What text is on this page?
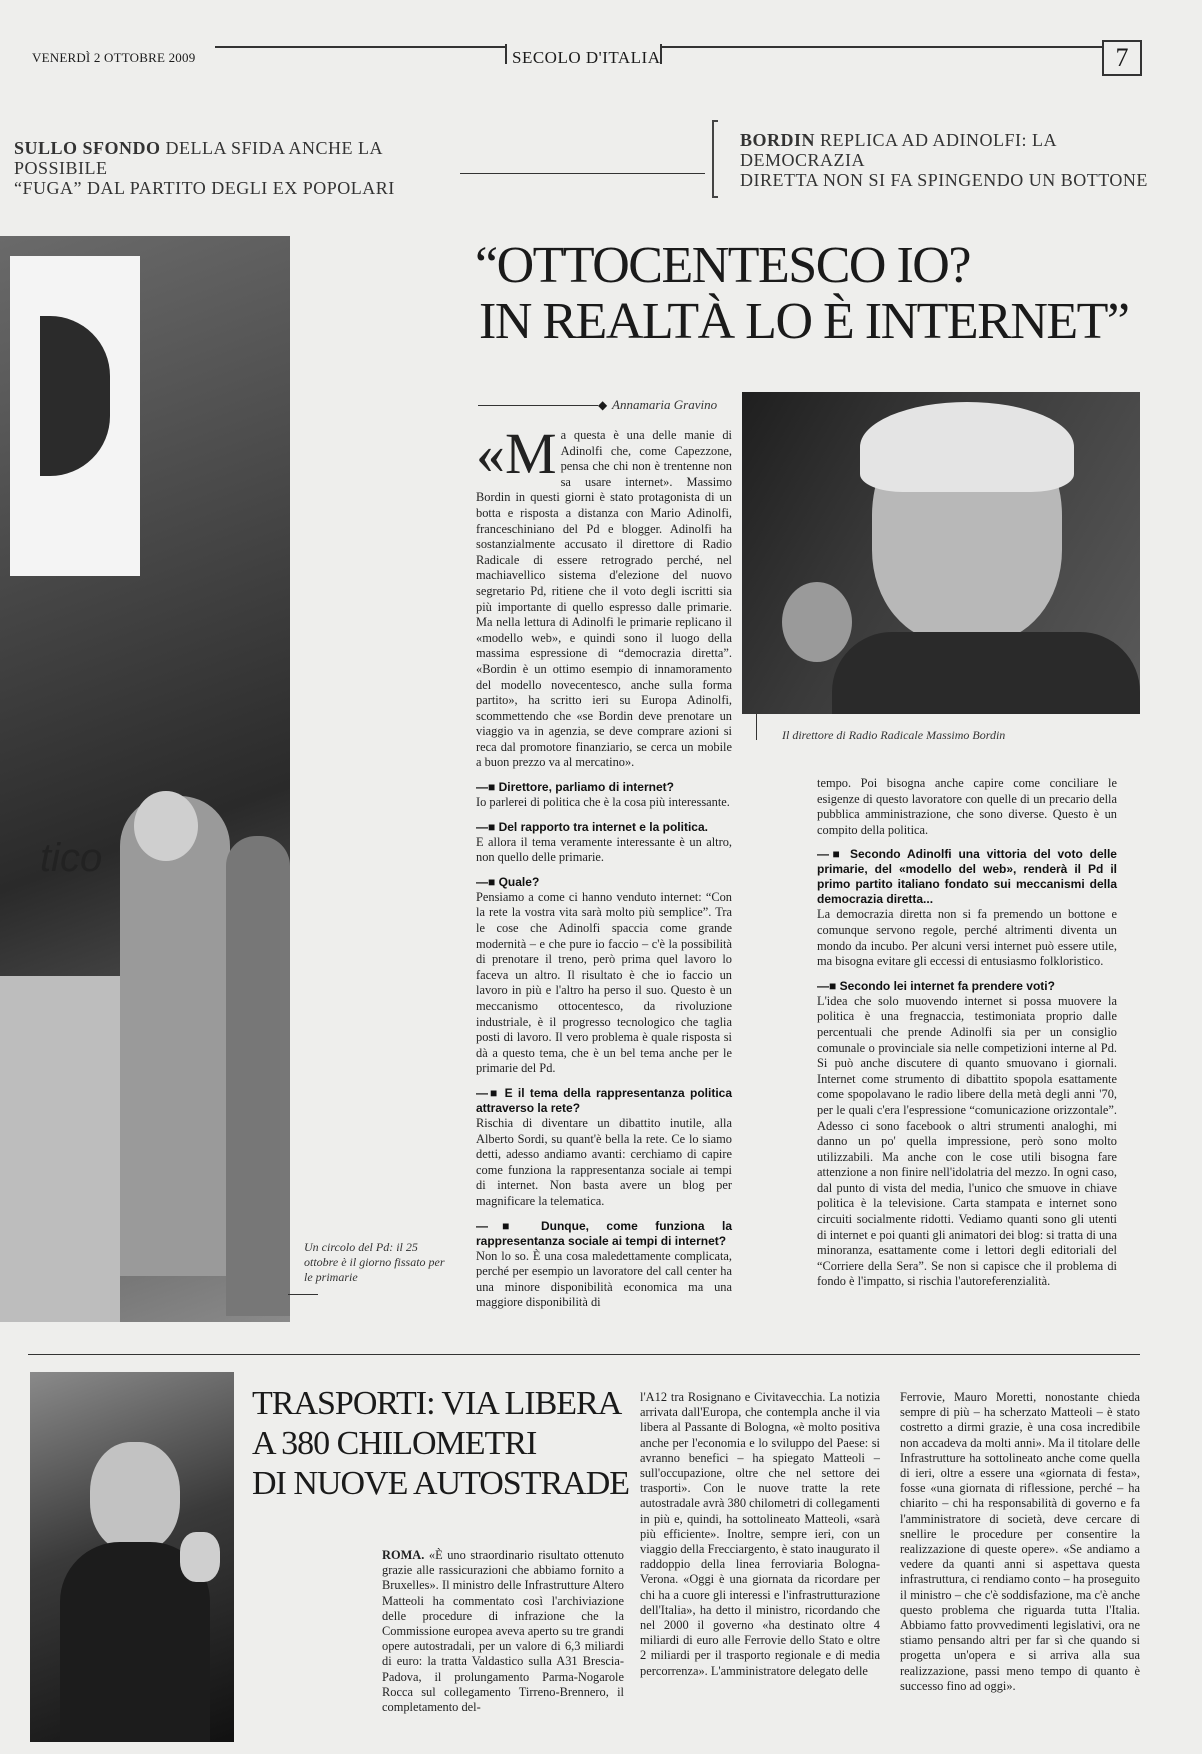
VENERDÌ 2 OTTOBRE 2009	SECOLO D'ITALIA	7
SULLO SFONDO DELLA SFIDA ANCHE LA POSSIBILE
“FUGA” DAL PARTITO DEGLI EX POPOLARI
tico
Un circolo del Pd: il 25 ottobre è il giorno fissato per le primarie
BORDIN REPLICA AD ADINOLFI: LA DEMOCRAZIA
DIRETTA NON SI FA SPINGENDO UN BOTTONE
“OTTOCENTESCO IO?
IN REALTÀ LO È INTERNET”
◆ Annamaria Gravino
Il direttore di Radio Radicale Massimo Bordin

«Ma questa è una delle manie di Adinolfi che, come Capezzone, pensa che chi non è trentenne non sa usare internet». Massimo Bordin in questi giorni è stato protagonista di un botta e risposta a distanza con Mario Adinolfi, franceschiniano del Pd e blogger. Adinolfi ha sostanzialmente accusato il direttore di Radio Radicale di essere retrogrado perché, nel machiavellico sistema d'elezione del nuovo segretario Pd, ritiene che il voto degli iscritti sia più importante di quello espresso dalle primarie. Ma nella lettura di Adinolfi le primarie replicano il «modello web», e quindi sono il luogo della massima espressione di “democrazia diretta”. «Bordin è un ottimo esempio di innamoramento del modello novecentesco, anche sulla forma partito», ha scritto ieri su Europa Adinolfi, scommettendo che «se Bordin deve prenotare un viaggio va in agenzia, se deve comprare azioni si reca dal promotore finanziario, se cerca un mobile a buon prezzo va al mercatino».

—■ Direttore, parliamo di internet?

Io parlerei di politica che è la cosa più interessante.

—■ Del rapporto tra internet e la politica.

E allora il tema veramente interessante è un altro, non quello delle primarie.

—■ Quale?

Pensiamo a come ci hanno venduto internet: “Con la rete la vostra vita sarà molto più semplice”. Tra le cose che Adinolfi spaccia come grande modernità – e che pure io faccio – c'è la possibilità di prenotare il treno, però prima quel lavoro lo faceva un altro. Il risultato è che io faccio un lavoro in più e l'altro ha perso il suo. Questo è un meccanismo ottocentesco, da rivoluzione industriale, è il progresso tecnologico che taglia posti di lavoro. Il vero problema è quale risposta si dà a questo tema, che è un bel tema anche per le primarie del Pd.

—■ E il tema della rappresentanza politica attraverso la rete?

Rischia di diventare un dibattito inutile, alla Alberto Sordi, su quant'è bella la rete. Ce lo siamo detti, adesso andiamo avanti: cerchiamo di capire come funziona la rappresentanza sociale ai tempi di internet. Non basta avere un blog per magnificare la telematica.

—■ Dunque, come funziona la rappresentanza sociale ai tempi di internet?

Non lo so. È una cosa maledettamente complicata, perché per esempio un lavoratore del call center ha una minore disponibilità economica ma una maggiore disponibilità di

tempo. Poi bisogna anche capire come conciliare le esigenze di questo lavoratore con quelle di un precario della pubblica amministrazione, che sono diverse. Questo è un compito della politica.

—■ Secondo Adinolfi una vittoria del voto delle primarie, del «modello del web», renderà il Pd il primo partito italiano fondato sui meccanismi della democrazia diretta...

La democrazia diretta non si fa premendo un bottone e comunque servono regole, perché altrimenti diventa un mondo da incubo. Per alcuni versi internet può essere utile, ma bisogna evitare gli eccessi di entusiasmo folkloristico.

—■ Secondo lei internet fa prendere voti?

L'idea che solo muovendo internet si possa muovere la politica è una fregnaccia, testimoniata proprio dalle percentuali che prende Adinolfi sia per un consiglio comunale o provinciale sia nelle competizioni interne al Pd. Si può anche discutere di quanto smuovano i giornali. Internet come strumento di dibattito spopola esattamente come spopolavano le radio libere della metà degli anni '70, per le quali c'era l'espressione “comunicazione orizzontale”. Adesso ci sono facebook o altri strumenti analoghi, mi danno un po' quella impressione, però sono molto utilizzabili. Ma anche con le cose utili bisogna fare attenzione a non finire nell'idolatria del mezzo. In ogni caso, dal punto di vista del media, l'unico che smuove in chiave politica è la televisione. Carta stampata e internet sono circuiti socialmente ridotti. Vediamo quanti sono gli utenti di internet e poi quanti gli animatori dei blog: si tratta di una minoranza, esattamente come i lettori degli editoriali del “Corriere della Sera”. Se non si capisce che il problema di fondo è l'impatto, si rischia l'autoreferenzialità.

TRASPORTI: VIA LIBERA
A 380 CHILOMETRI
DI NUOVE AUTOSTRADE

ROMA. «È uno straordinario risultato ottenuto grazie alle rassicurazioni che abbiamo fornito a Bruxelles». Il ministro delle Infrastrutture Altero Matteoli ha commentato così l'archiviazione delle procedure di infrazione che la Commissione europea aveva aperto su tre grandi opere autostradali, per un valore di 6,3 miliardi di euro: la tratta Valdastico sulla A31 Brescia-Padova, il prolungamento Parma-Nogarole Rocca sul collegamento Tirreno-Brennero, il completamento del-

l'A12 tra Rosignano e Civitavecchia. La notizia arrivata dall'Europa, che contempla anche il via libera al Passante di Bologna, «è molto positiva anche per l'economia e lo sviluppo del Paese: si avranno benefici – ha spiegato Matteoli – sull'occupazione, oltre che nel settore dei trasporti». Con le nuove tratte la rete autostradale avrà 380 chilometri di collegamenti in più e, quindi, ha sottolineato Matteoli, «sarà più efficiente». Inoltre, sempre ieri, con un viaggio della Frecciargento, è stato inaugurato il raddoppio della linea ferroviaria Bologna-Verona. «Oggi è una giornata da ricordare per chi ha a cuore gli interessi e l'infrastrutturazione dell'Italia», ha detto il ministro, ricordando che nel 2000 il governo «ha destinato oltre 4 miliardi di euro alle Ferrovie dello Stato e oltre 2 miliardi per il trasporto regionale e di media percorrenza». L'amministratore delegato delle

Ferrovie, Mauro Moretti, nonostante chieda sempre di più – ha scherzato Matteoli – è stato costretto a dirmi grazie, è una cosa incredibile non accadeva da molti anni». Ma il titolare delle Infrastrutture ha sottolineato anche come quella di ieri, oltre a essere una «giornata di festa», fosse «una giornata di riflessione, perché – ha chiarito – chi ha responsabilità di governo e fa l'amministratore di società, deve cercare di snellire le procedure per consentire la realizzazione di queste opere». «Se andiamo a vedere da quanti anni si aspettava questa infrastruttura, ci rendiamo conto – ha proseguito il ministro – che c'è soddisfazione, ma c'è anche questo problema che riguarda tutta l'Italia. Abbiamo fatto provvedimenti legislativi, ora ne stiamo pensando altri per far sì che quando si progetta un'opera e si arriva alla sua realizzazione, passi meno tempo di quanto è successo fino ad oggi».
